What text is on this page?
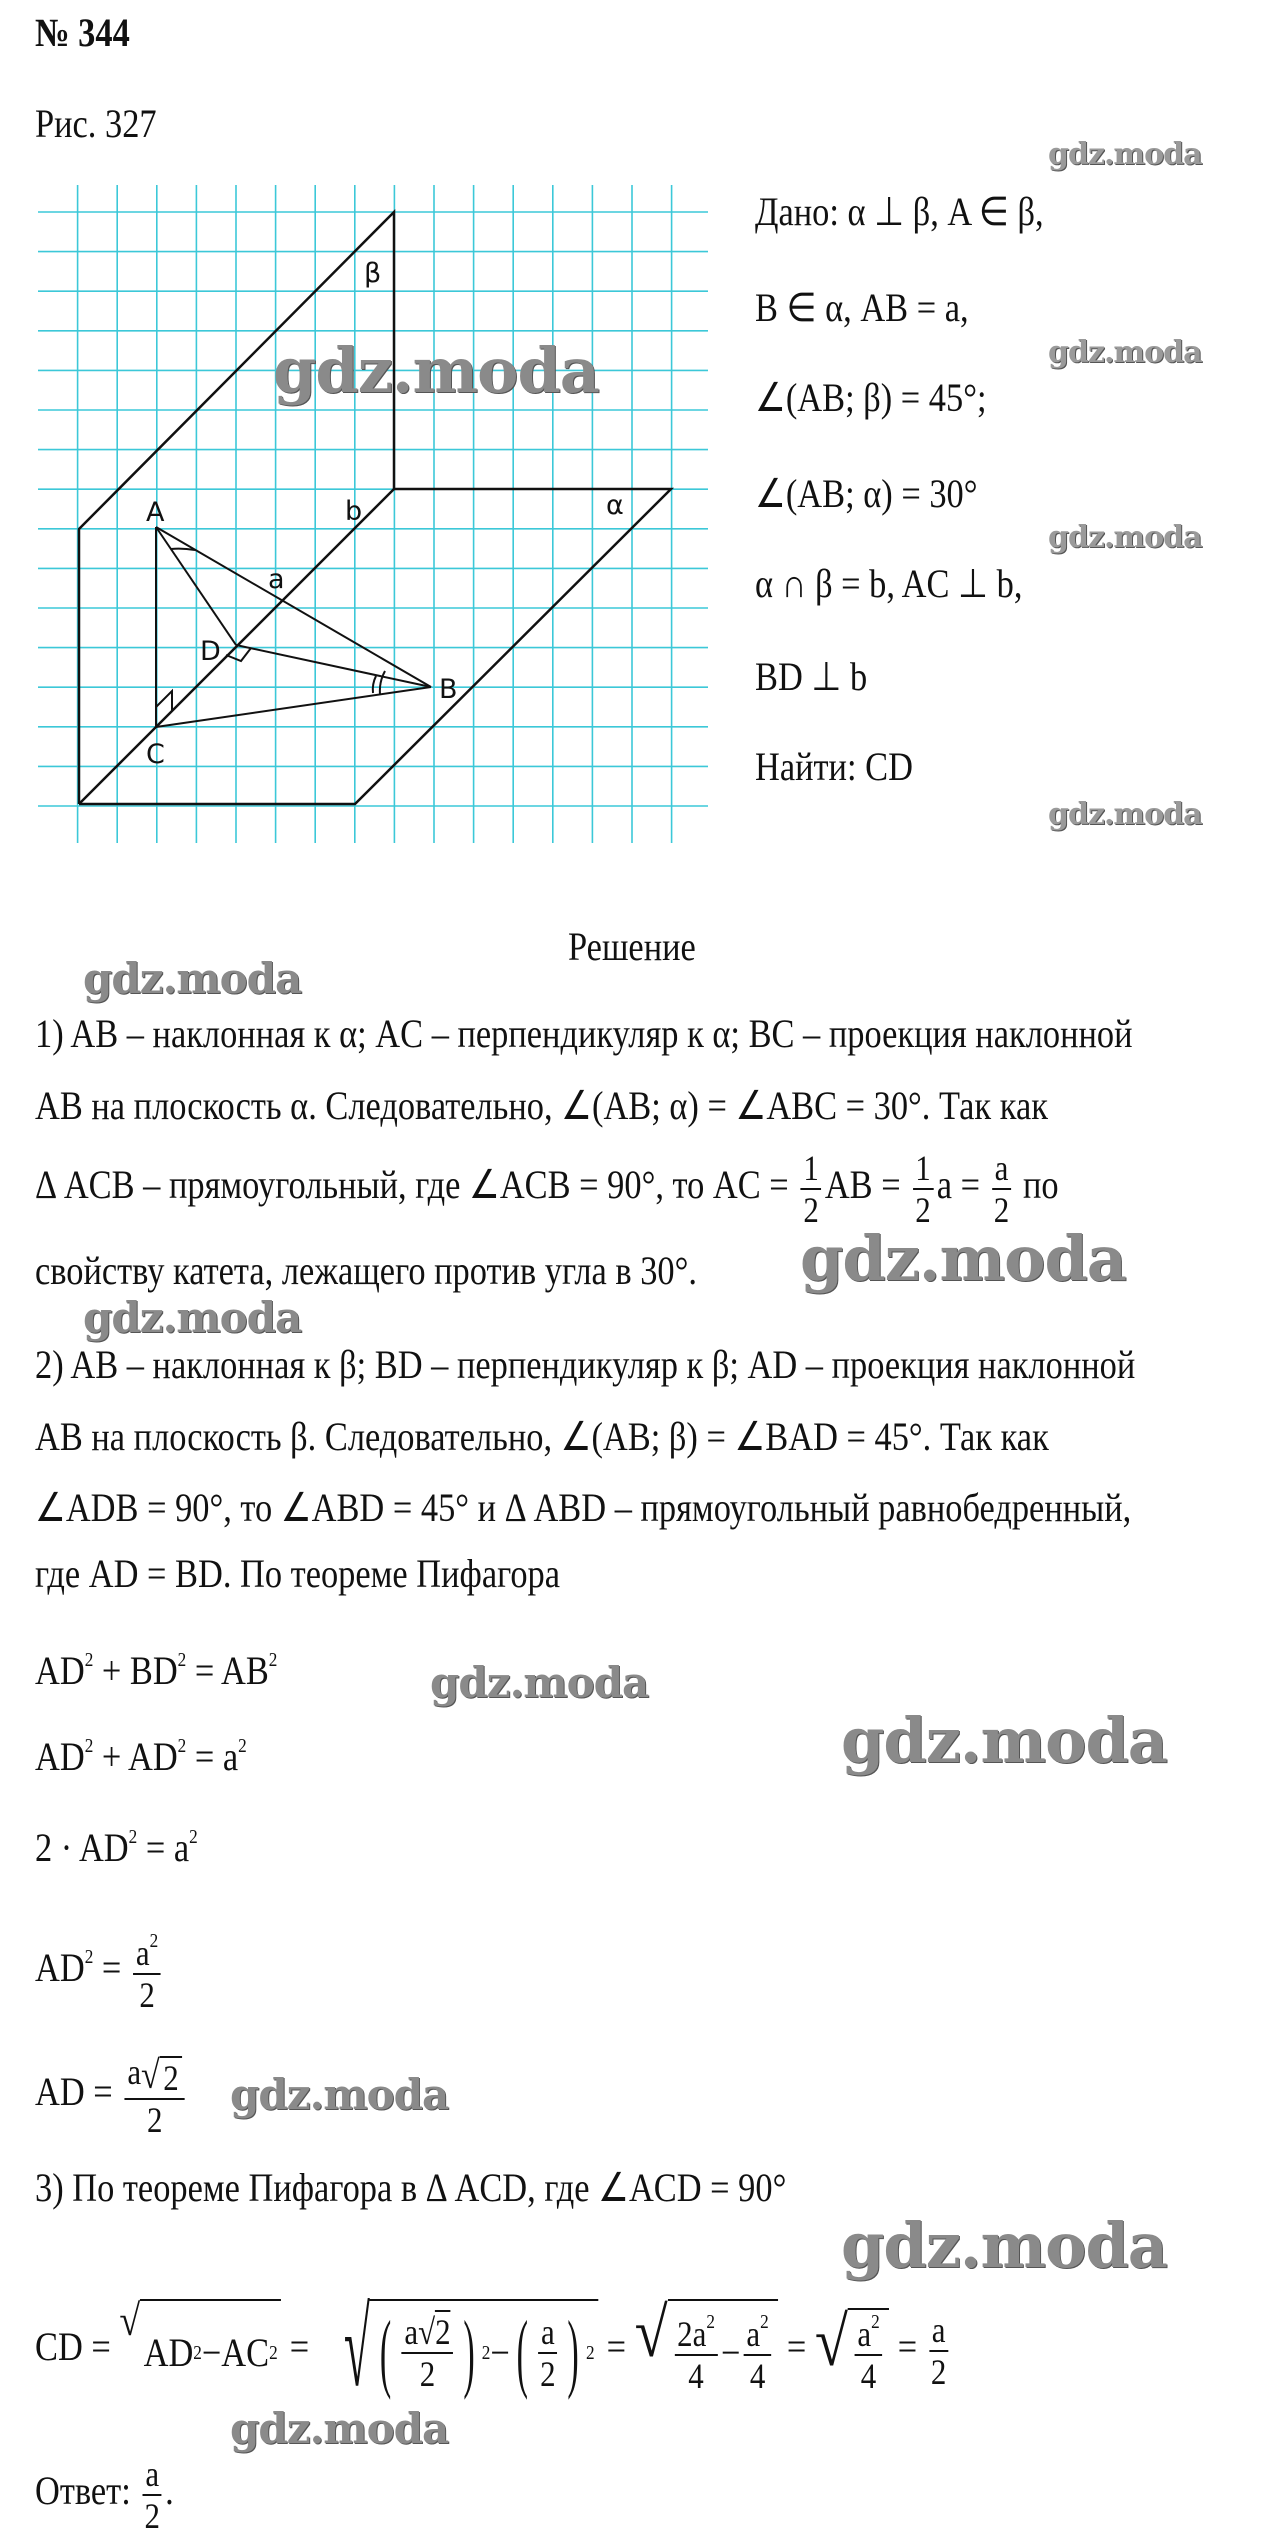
№ 344
Рис. 327
A	b	α
β
a
D
B
C
Дано: α ⊥ β, A ∈ β,
B ∈ α, AB = a,
∠(AB; β) = 45°;
∠(AB; α) = 30°
α ∩ β = b, AC ⊥ b,
BD ⊥ b
Найти: CD
Решение
1) AB – наклонная к α; AC – перпендикуляр к α; BC – проекция наклонной
AB на плоскость α. Следовательно, ∠(AB; α) = ∠ABC = 30°. Так как
Δ ACB – прямоугольный, где ∠ACB = 90°, то AC = $\frac{1}{2}$ AB = $\frac{1}{2}$ $a = \frac{a}{2}$ по
свойству катета, лежащего против угла в 30°.
2) AB – наклонная к β; BD – перпендикуляр к β; AD – проекция наклонной
AB на плоскость β. Следовательно, ∠(AB; β) = ∠BAD = 45°. Так как
∠ADB = 90°, то ∠ABD = 45° и Δ ABD – прямоугольный равнобедренный,
где AD = BD. По теореме Пифагора
$AD^2 + BD^2 = AB^2$
$AD^2 + AD^2 = a^2$
$2 \cdot AD^2 = a^2$
$AD^2 = \frac{a^2}{2}$
AD = $\frac{a √ 2}{2}$
3) По теореме Пифагора в Δ ACD, где ∠ACD = 90°
CD =
√
AD 2 − AC 2 = √ ( $\frac{a√2}{2}$ ) 2 − ( $\frac{a}{2}$ ) 2 = √ $\frac{2a^2}{4} - \frac{a^2}{4}$ = √ $\frac{a^2}{4} = \frac{a}{2}$
Ответ: $\frac{a}{2}$ .
gdz.moda
gdz.moda
gdz.moda
gdz.moda
gdz.moda
gdz.moda
gdz.moda
gdz.moda
gdz.moda
gdz.moda
gdz.moda
gdz.moda
gdz.moda
